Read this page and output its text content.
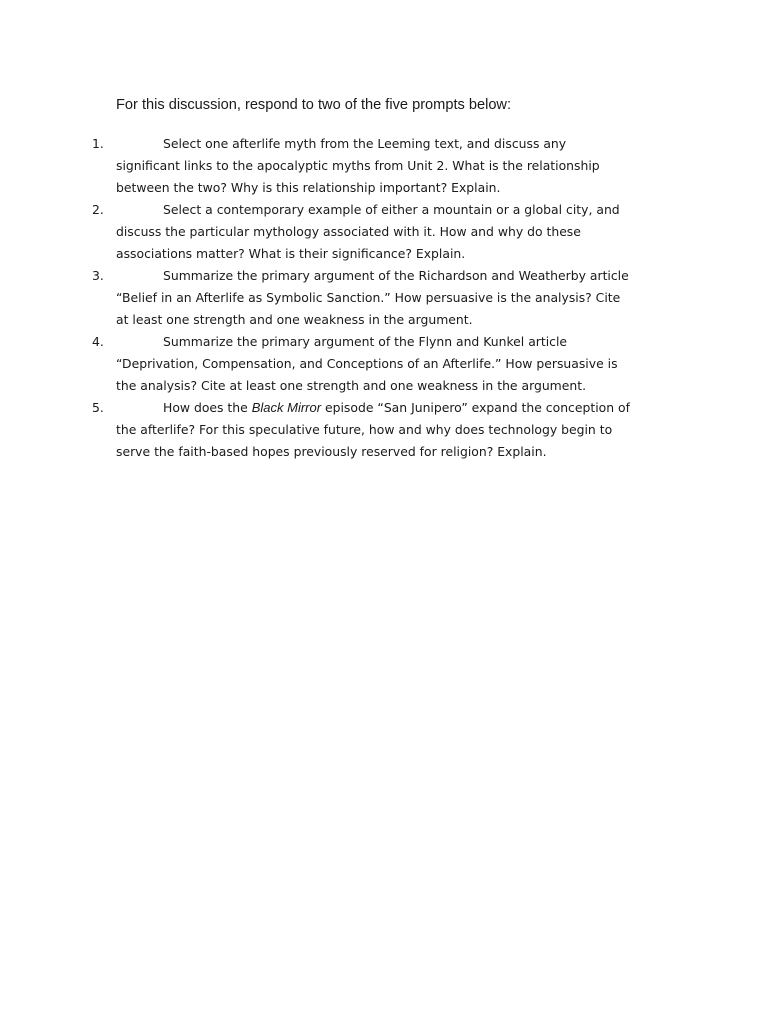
For this discussion, respond to two of the five prompts below:
1.	Select one afterlife myth from the Leeming text, and discuss any
significant links to the apocalyptic myths from Unit 2. What is the relationship
between the two? Why is this relationship important? Explain.
2.	Select a contemporary example of either a mountain or a global city, and
discuss the particular mythology associated with it. How and why do these
associations matter? What is their significance? Explain.
3.	Summarize the primary argument of the Richardson and Weatherby article
“Belief in an Afterlife as Symbolic Sanction.” How persuasive is the analysis? Cite
at least one strength and one weakness in the argument.
4.	Summarize the primary argument of the Flynn and Kunkel article
“Deprivation, Compensation, and Conceptions of an Afterlife.” How persuasive is
the analysis? Cite at least one strength and one weakness in the argument.
5.	How does the Black Mirror episode “San Junipero” expand the conception of
the afterlife? For this speculative future, how and why does technology begin to
serve the faith-based hopes previously reserved for religion? Explain.
